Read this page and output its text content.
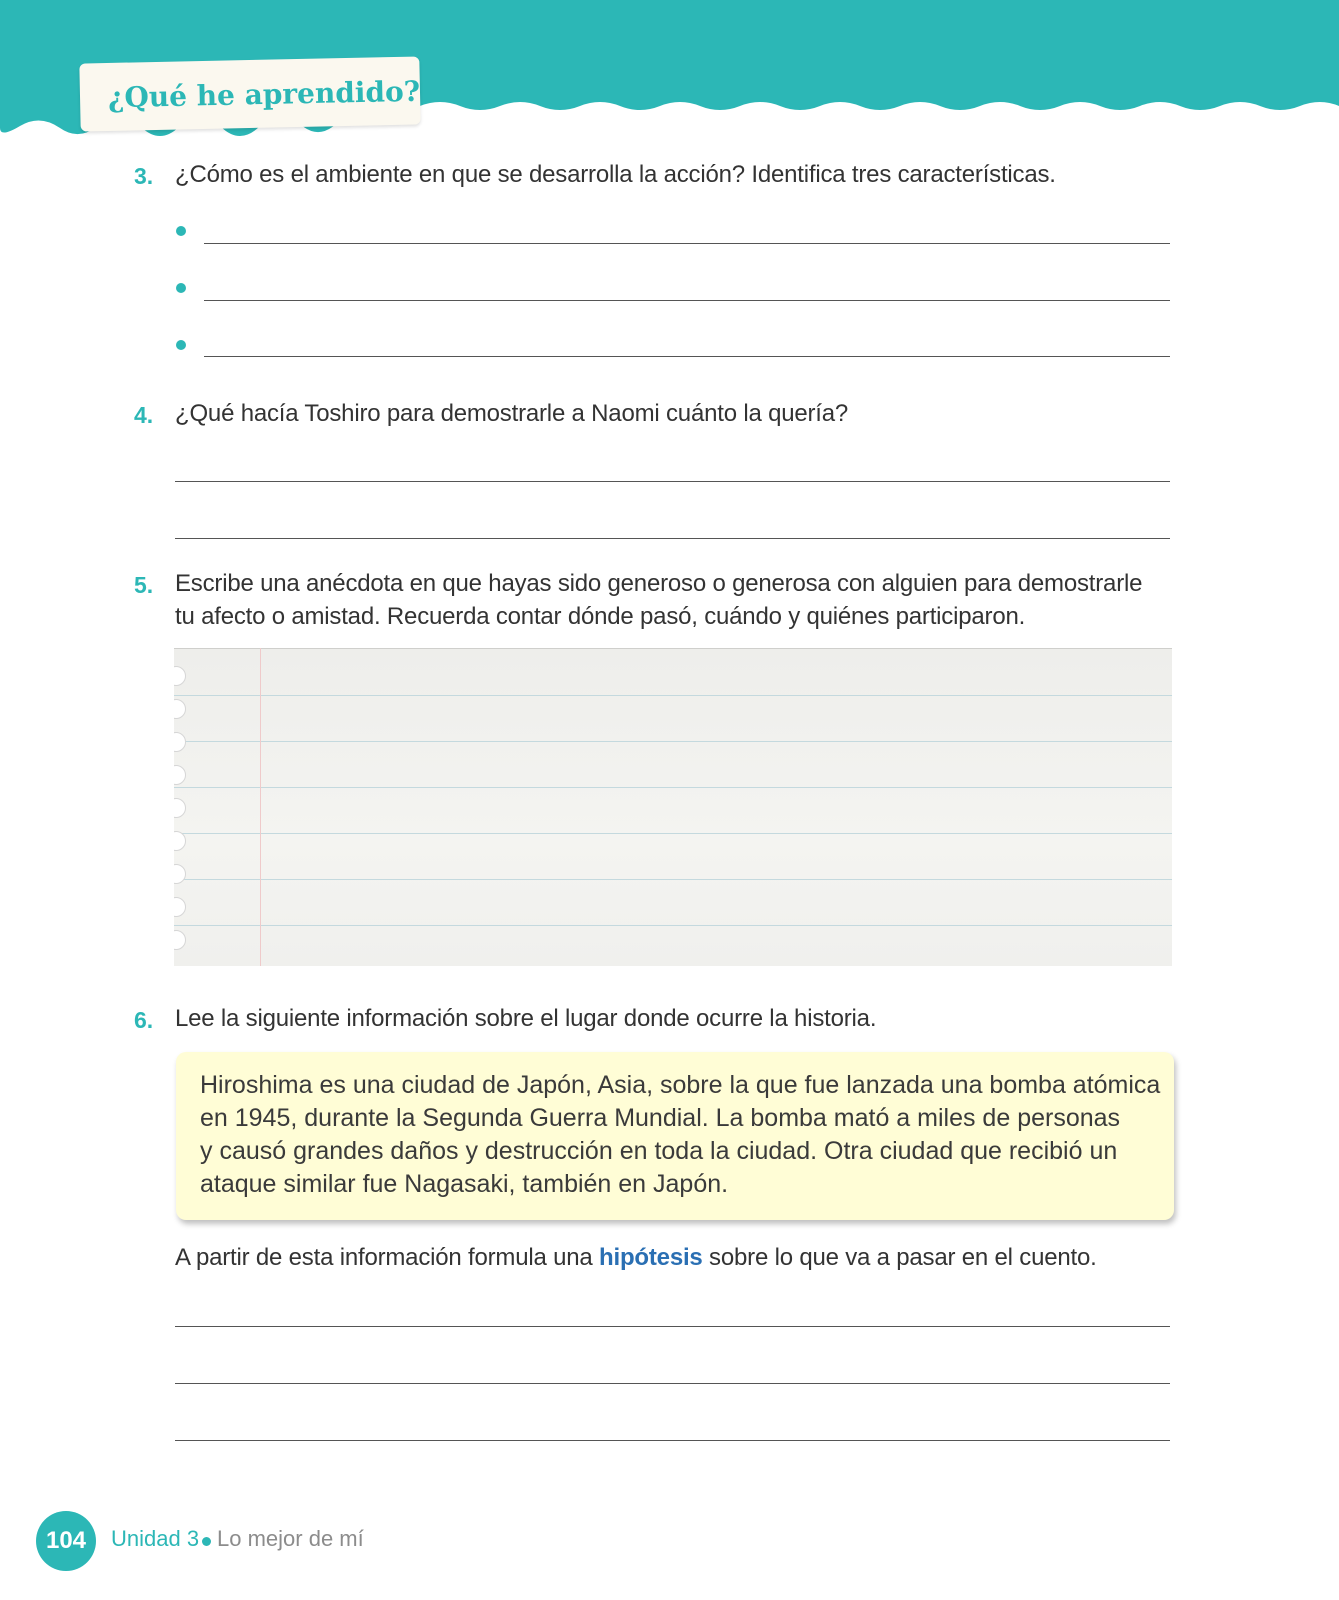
¿Qué he aprendido?
3. ¿Cómo es el ambiente en que se desarrolla la acción? Identifica tres características.
4. ¿Qué hacía Toshiro para demostrarle a Naomi cuánto la quería?
5. Escribe una anécdota en que hayas sido generoso o generosa con alguien para demostrarle
tu afecto o amistad. Recuerda contar dónde pasó, cuándo y quiénes participaron.
6. Lee la siguiente información sobre el lugar donde ocurre la historia.
Hiroshima es una ciudad de Japón, Asia, sobre la que fue lanzada una bomba atómica
en 1945, durante la Segunda Guerra Mundial. La bomba mató a miles de personas
y causó grandes daños y destrucción en toda la ciudad. Otra ciudad que recibió un
ataque similar fue Nagasaki, también en Japón.
A partir de esta información formula una hipótesis sobre lo que va a pasar en el cuento.
104 Unidad 3 Lo mejor de mí
